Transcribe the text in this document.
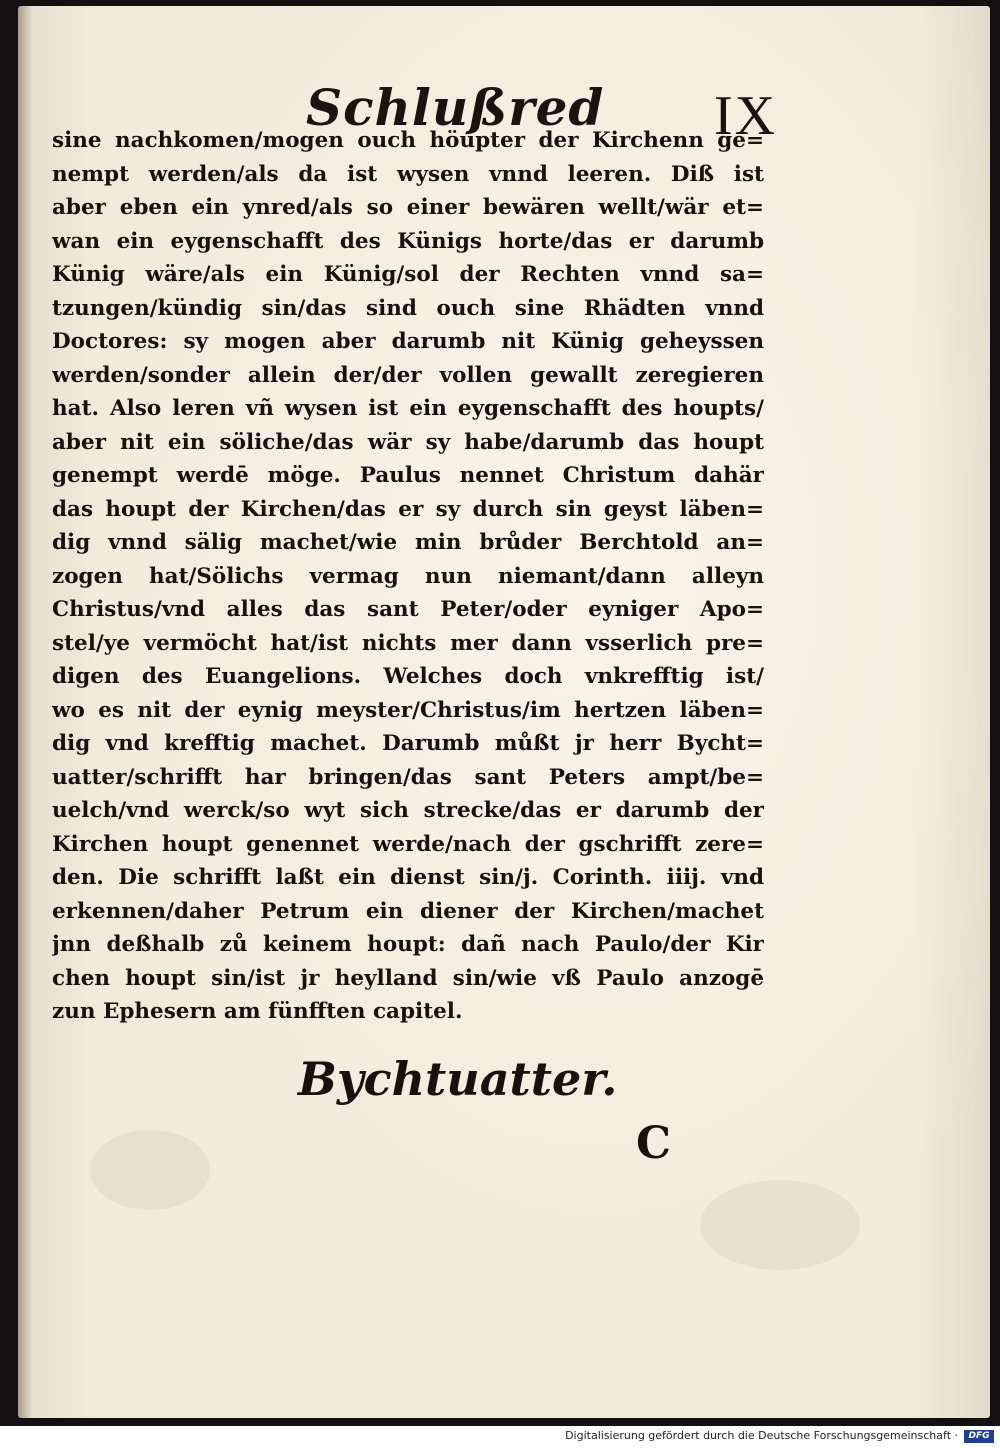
Schlußred IX
sine nachkomen/mogen ouch höupter der Kirchenn ge=
nempt werden/als da ist wysen vnnd leeren. Diß ist
aber eben ein ynred/als so einer bewären wellt/wär et=
wan ein eygenschafft des Künigs horte/das er darumb
Künig wäre/als ein Künig/sol der Rechten vnnd sa=
tzungen/kündig sin/das sind ouch sine Rhädten vnnd
Doctores: sy mogen aber darumb nit Künig geheyssen
werden/sonder allein der/der vollen gewallt zeregieren
hat. Also leren vñ wysen ist ein eygenschafft des houpts/
aber nit ein söliche/das wär sy habe/darumb das houpt
genempt werdē möge. Paulus nennet Christum dahär
das houpt der Kirchen/das er sy durch sin geyst läben=
dig vnnd sälig machet/wie min brůder Berchtold an=
zogen hat/Sölichs vermag nun niemant/dann alleyn
Christus/vnd alles das sant Peter/oder eyniger Apo=
stel/ye vermöcht hat/ist nichts mer dann vsserlich pre=
digen des Euangelions. Welches doch vnkrefftig ist/
wo es nit der eynig meyster/Christus/im hertzen läben=
dig vnd krefftig machet. Darumb můßt jr herr Bycht=
uatter/schrifft har bringen/das sant Peters ampt/be=
uelch/vnd werck/so wyt sich strecke/das er darumb der
Kirchen houpt genennet werde/nach der gschrifft zere=
den. Die schrifft laßt ein dienst sin/j. Corinth. iiij. vnd
erkennen/daher Petrum ein diener der Kirchen/machet
jnn deßhalb zů keinem houpt: dañ nach Paulo/der Kir
chen houpt sin/ist jr heylland sin/wie vß Paulo anzogē
zun Ephesern am fünfften capitel.
Bychtuatter.
C
Digitalisierung gefördert durch die Deutsche Forschungsgemeinschaft ·	DFG
